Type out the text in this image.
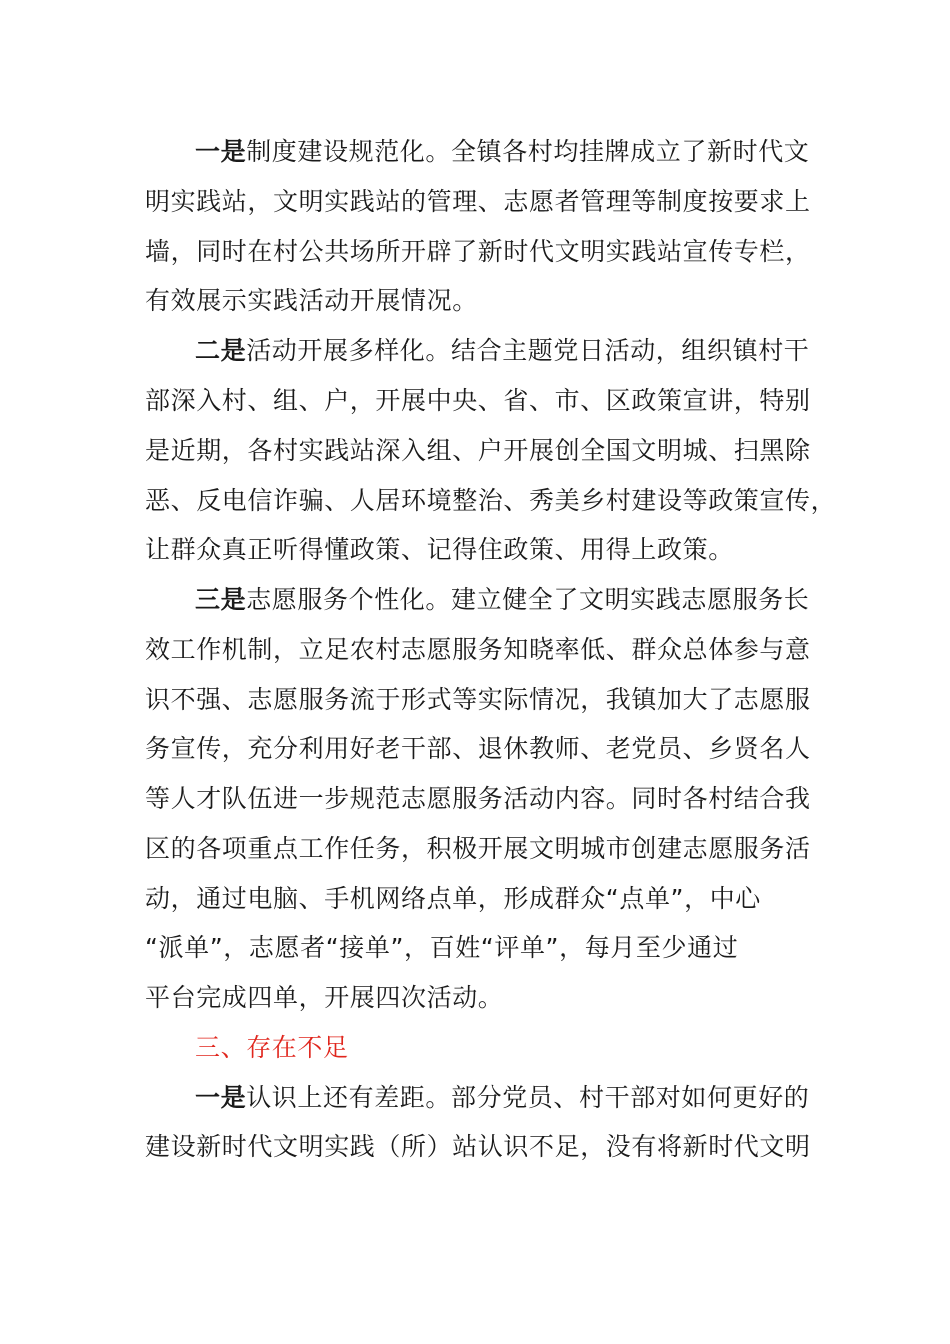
一是制度建设规范化。全镇各村均挂牌成立了新时代文
明实践站，文明实践站的管理、志愿者管理等制度按要求上
墙，同时在村公共场所开辟了新时代文明实践站宣传专栏，
有效展示实践活动开展情况。
二是活动开展多样化。结合主题党日活动，组织镇村干
部深入村、组、户，开展中央、省、市、区政策宣讲，特别
是近期，各村实践站深入组、户开展创全国文明城、扫黑除
恶、反电信诈骗、人居环境整治、秀美乡村建设等政策宣传，
让群众真正听得懂政策、记得住政策、用得上政策。
三是志愿服务个性化。建立健全了文明实践志愿服务长
效工作机制，立足农村志愿服务知晓率低、群众总体参与意
识不强、志愿服务流于形式等实际情况，我镇加大了志愿服
务宣传，充分利用好老干部、退休教师、老党员、乡贤名人
等人才队伍进一步规范志愿服务活动内容。同时各村结合我
区的各项重点工作任务，积极开展文明城市创建志愿服务活
动，通过电脑、手机网络点单，形成群众“点单”，中心
“派单”，志愿者“接单”，百姓“评单”，每月至少通过
平台完成四单，开展四次活动。
三、存在不足
一是认识上还有差距。部分党员、村干部对如何更好的
建设新时代文明实践（所）站认识不足，没有将新时代文明
